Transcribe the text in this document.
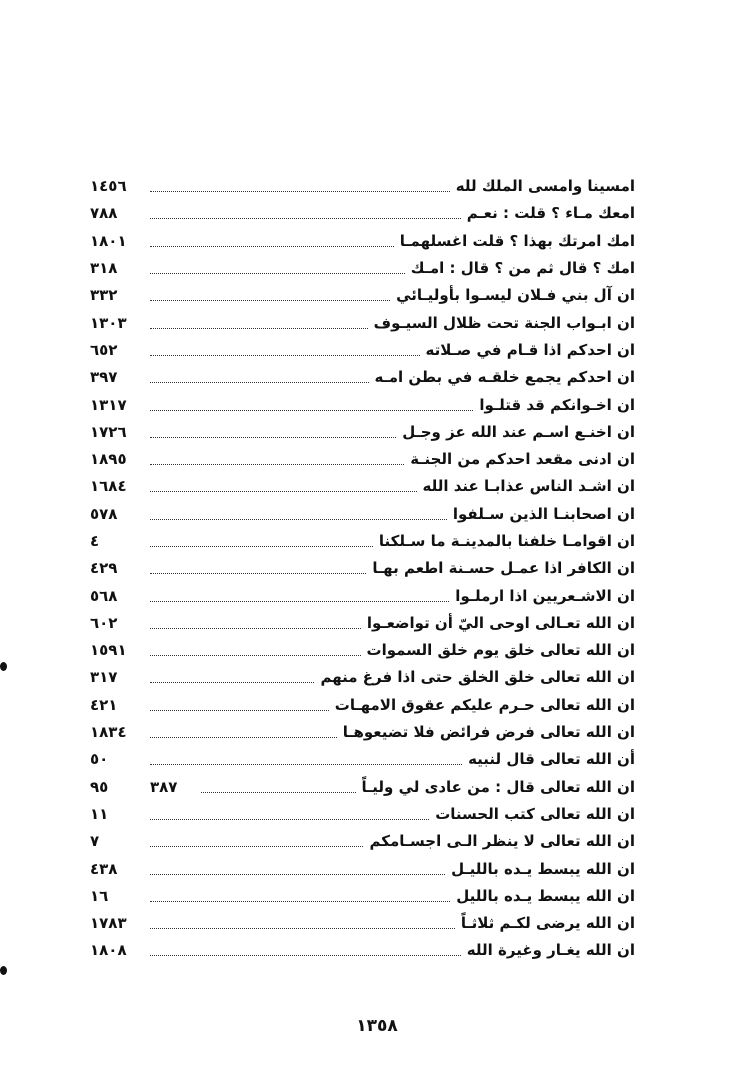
امسينا وامسى الملك لله
١٤٥٦
امعك مـاء ؟ قلت : نعـم
٧٨٨
امك امرتك بهذا ؟ قلت اغسلهمـا
١٨٠١
امك ؟ قال ثم من ؟ قال : امـك
٣١٨
ان آل بني فـلان ليسـوا بأوليـائي
٣٣٢
ان ابـواب الجنة تحت ظلال السيـوف
١٣٠٣
ان احدكم اذا قـام في صـلاته
٦٥٢
ان احدكم يجمع خلقـه في بطن امـه
٣٩٧
ان اخـوانكم قد قتلـوا
١٣١٧
ان اخنـع اسـم عند الله عز وجـل
١٧٢٦
ان ادنى مقعد احدكم من الجنـة
١٨٩٥
ان اشـد الناس عذابـا عند الله
١٦٨٤
ان اصحابنـا الذين سـلفوا
٥٧٨
ان اقوامـا خلفنا بالمدينـة ما سـلكنا
٤
ان الكافر اذا عمـل حسـنة اطعم بهـا
٤٢٩
ان الاشـعريين اذا ارملـوا
٥٦٨
ان الله تعـالى اوحى اليّ أن تواضعـوا
٦٠٢
ان الله تعالى خلق يوم خلق السموات
١٥٩١
ان الله تعالى خلق الخلق حتى اذا فرغ منهم
٣١٧
ان الله تعالى حـرم عليكم عقوق الامهـات
٤٢١
ان الله تعالى فرض فرائض فلا تضيعوهـا
١٨٣٤
أن الله تعالى قال لنبيه
٥٠
ان الله تعالى قال : من عادى لي وليـاً
٣٨٧
٩٥
ان الله تعالى كتب الحسنات
١١
ان الله تعالى لا ينظر الـى اجسـامكم
٧
ان الله يبسط يـده بالليـل
٤٣٨
ان الله يبسط يـده بالليل
١٦
ان الله يرضى لكـم ثلاثـاً
١٧٨٣
ان الله يغـار وغيرة الله
١٨٠٨
١٣٥٨
